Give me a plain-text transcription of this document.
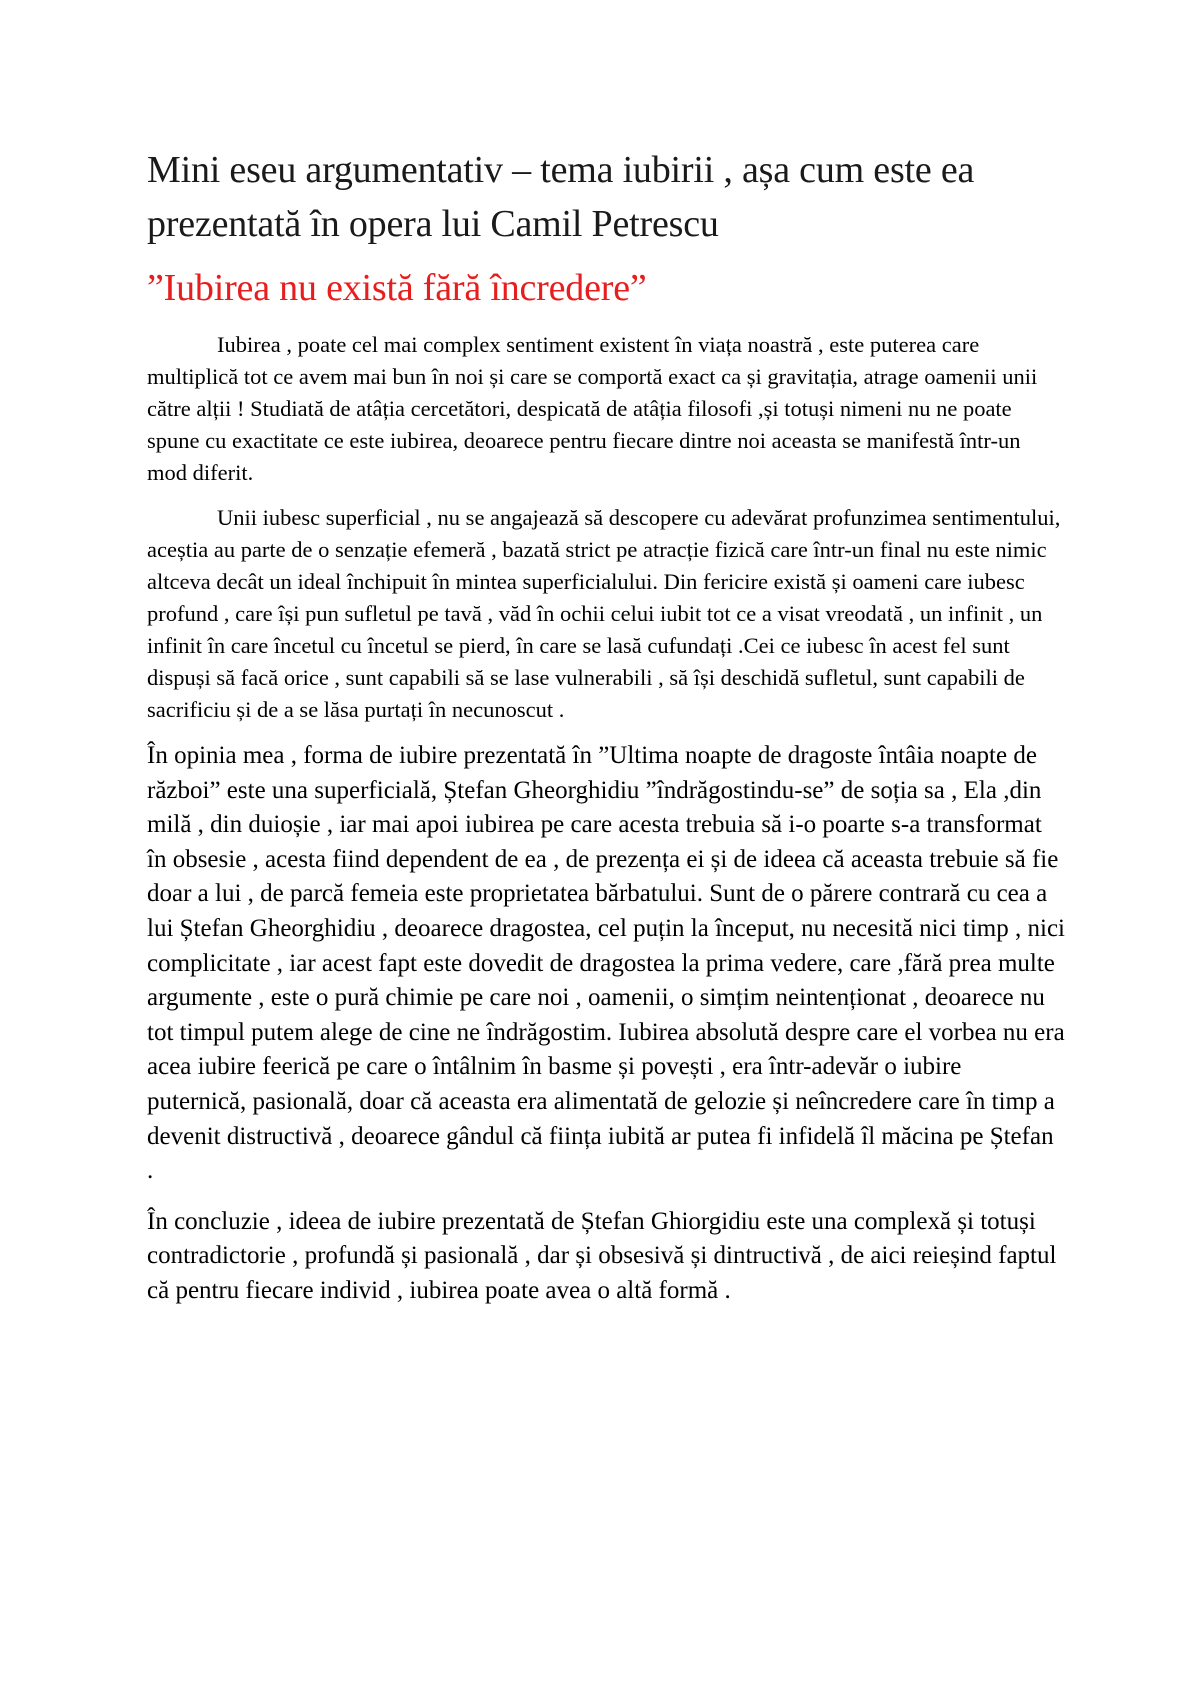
Mini eseu argumentativ – tema iubirii , așa cum este ea prezentată în opera lui Camil Petrescu
”Iubirea nu există fără încredere”

Iubirea , poate cel mai complex sentiment existent în viața noastră , este puterea care multiplică tot ce avem mai bun în noi și care se comportă exact ca și gravitația, atrage oamenii unii către alții ! Studiată de atâția cercetători, despicată de atâția filosofi ,și totuși nimeni nu ne poate spune cu exactitate ce este iubirea, deoarece pentru fiecare dintre noi aceasta se manifestă într-un mod diferit.

Unii iubesc superficial , nu se angajează să descopere cu adevărat profunzimea sentimentului, aceștia au parte de o senzație efemeră , bazată strict pe atracție fizică care într-un final nu este nimic altceva decât un ideal închipuit în mintea superficialului. Din fericire există și oameni care iubesc profund , care își pun sufletul pe tavă , văd în ochii celui iubit tot ce a visat vreodată , un infinit , un infinit în care încetul cu încetul se pierd, în care se lasă cufundați .Cei ce iubesc în acest fel sunt dispuși să facă orice , sunt capabili să se lase vulnerabili , să își deschidă sufletul, sunt capabili de sacrificiu și de a se lăsa purtați în necunoscut .

În opinia mea , forma de iubire prezentată în ”Ultima noapte de dragoste întâia noapte de război” este una superficială, Ștefan Gheorghidiu ”îndrăgostindu-se” de soția sa , Ela ,din milă , din duioșie , iar mai apoi iubirea pe care acesta trebuia să i-o poarte s-a transformat în obsesie , acesta fiind dependent de ea , de prezența ei și de ideea că aceasta trebuie să fie doar a lui , de parcă femeia este proprietatea bărbatului. Sunt de o părere contrară cu cea a lui Ștefan Gheorghidiu , deoarece dragostea, cel puțin la început, nu necesită nici timp , nici complicitate , iar acest fapt este dovedit de dragostea la prima vedere, care ,fără prea multe argumente , este o pură chimie pe care noi , oamenii, o simțim neintenționat , deoarece nu tot timpul putem alege de cine ne îndrăgostim. Iubirea absolută despre care el vorbea nu era acea iubire feerică pe care o întâlnim în basme și povești , era într-adevăr o iubire puternică, pasională, doar că aceasta era alimentată de gelozie și neîncredere care în timp a devenit distructivă , deoarece gândul că ființa iubită ar putea fi infidelă îl măcina pe Ștefan .

În concluzie , ideea de iubire prezentată de Ștefan Ghiorgidiu este una complexă și totuși contradictorie , profundă și pasională , dar și obsesivă și dintructivă , de aici reieșind faptul că pentru fiecare individ , iubirea poate avea o altă formă .
